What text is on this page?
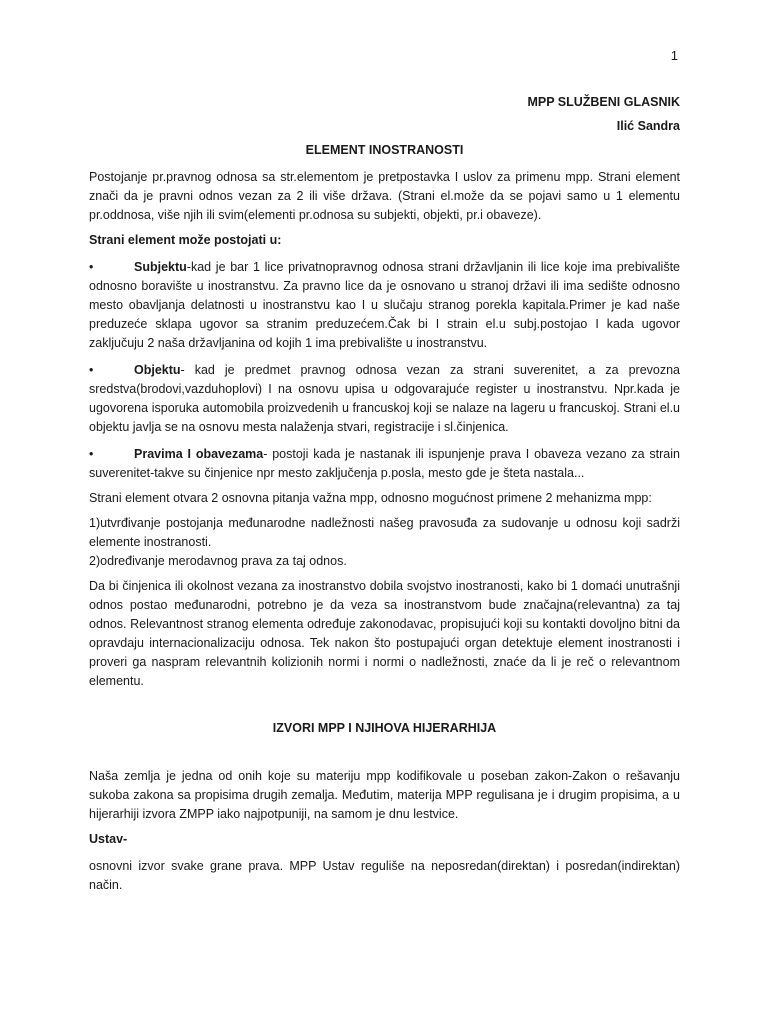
1
MPP SLUŽBENI GLASNIK
Ilić Sandra
ELEMENT INOSTRANOSTI

Postojanje pr.pravnog odnosa sa str.elementom je pretpostavka I uslov za primenu mpp. Strani element znači da je pravni odnos vezan za 2 ili više država. (Strani el.može da se pojavi samo u 1 elementu pr.oddnosa, više njih ili svim(elementi pr.odnosa su subjekti, objekti, pr.i obaveze).

Strani element može postojati u:

•	Subjektu-kad je bar 1 lice privatnopravnog odnosa strani državljanin ili lice koje ima prebivalište odnosno boravište u inostranstvu. Za pravno lice da je osnovano u stranoj državi ili ima sedište odnosno mesto obavljanja delatnosti u inostranstvu kao I u slučaju stranog porekla kapitala.Primer je kad naše preduzeće sklapa ugovor sa stranim preduzećem.Čak bi I strain el.u subj.postojao I kada ugovor zaključuju 2 naša državljanina od kojih 1 ima prebivalište u inostranstvu.

•	Objektu- kad je predmet pravnog odnosa vezan za strani suverenitet, a za prevozna sredstva(brodovi,vazduhoplovi) I na osnovu upisa u odgovarajuće register u inostranstvu. Npr.kada je ugovorena isporuka automobila proizvedenih u francuskoj koji se nalaze na lageru u francuskoj. Strani el.u objektu javlja se na osnovu mesta nalaženja stvari, registracije i sl.činjenica.

•	Pravima I obavezama- postoji kada je nastanak ili ispunjenje prava I obaveza vezano za strain suverenitet-takve su činjenice npr mesto zaključenja p.posla, mesto gde je šteta nastala...

Strani element otvara 2 osnovna pitanja važna mpp, odnosno mogućnost primene 2 mehanizma mpp:

1)utvrđivanje postojanja međunarodne nadležnosti našeg pravosuđa za sudovanje u odnosu koji sadrži elemente inostranosti.

2)određivanje merodavnog prava za taj odnos.

Da bi činjenica ili okolnost vezana za inostranstvo dobila svojstvo inostranosti, kako bi 1 domaći unutrašnji odnos postao međunarodni, potrebno je da veza sa inostranstvom bude značajna(relevantna) za taj odnos. Relevantnost stranog elementa određuje zakonodavac, propisujući koji su kontakti dovoljno bitni da opravdaju internacionalizaciju odnosa. Tek nakon što postupajući organ detektuje element inostranosti i proveri ga naspram relevantnih kolizionih normi i normi o nadležnosti, znaće da li je reč o relevantnom elementu.

IZVORI MPP I NJIHOVA HIJERARHIJA

Naša zemlja je jedna od onih koje su materiju mpp kodifikovale u poseban zakon-Zakon o rešavanju sukoba zakona sa propisima drugih zemalja. Međutim, materija MPP regulisana je i drugim propisima, a u hijerarhiji izvora ZMPP iako najpotpuniji, na samom je dnu lestvice.

Ustav-

osnovni izvor svake grane prava. MPP Ustav reguliše na neposredan(direktan) i posredan(indirektan) način.
